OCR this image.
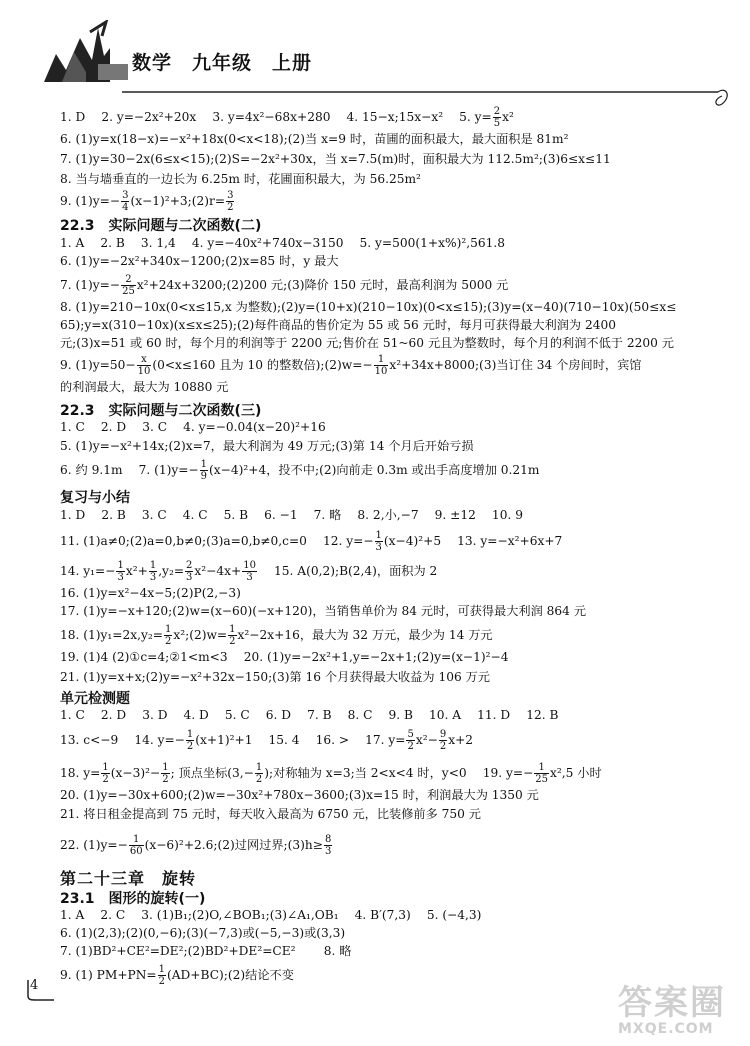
数学　九年级　上册
1. D　 2. y=−2x²+20x　 3. y=4x²−68x+280　 4. 15−x;15x−x²　 5. $y= \frac{2}{5} x^2$
6. (1)y=x(18−x)=−x²+18x(0<x<18);(2)当 x=9 时，苗圃的面积最大，最大面积是 81m²
7. (1)y=30−2x(6≤x<15);(2)S=−2x²+30x，当 x=7.5(m)时，面积最大为 112.5m²;(3)6≤x≤11
8. 当与墙垂直的一边长为 6.25m 时，花圃面积最大，为 56.25m²
9. $(1)y=- \frac{3}{4}$ (x−1)²+3;(2)r= $\frac{3}{2}$
22.3　实际问题与二次函数(二)
1. A　 2. B　 3. 1,4　 4. y=−40x²+740x−3150　 5. y=500(1+x%)²,561.8
6. (1)y=−2x²+340x−1200;(2)x=85 时，y 最大
7. $(1)y=- \frac{2}{25}$ x²+24x+3200;(2)200 元;(3)降价 150 元时，最高利润为 5000 元
8. (1)y=210−10x(0<x≤15,x 为整数);(2)y=(10+x)(210−10x)(0<x≤15);(3)y=(x−40)(710−10x)(50≤x≤
65);y=x(310−10x)(x≤x≤25);(2)每件商品的售价定为 55 或 56 元时，每月可获得最大利润为 2400
元;(3)x=51 或 60 时，每个月的利润等于 2200 元;售价在 51~60 元且为整数时，每个月的利润不低于 2200 元
9. $(1)y=50- \frac{x}{10} (0<x\le 160$ 且为 10 的整数倍);(2)w=− $\frac{1}{10}$ x²+34x+8000;(3)当订住 34 个房间时，宾馆
的利润最大，最大为 10880 元
22.3　实际问题与二次函数(三)
1. C　 2. D　 3. C　 4. y=−0.04(x−20)²+16
5. (1)y=−x²+14x;(2)x=7，最大利润为 49 万元;(3)第 14 个月后开始亏损
6. 约 9.1m　 7. $(1)y=- \frac{1}{9} (x-4)^2+4$，投不中;(2)向前走 0.3m 或出手高度增加 0.21m
复习与小结
1. D　 2. B　 3. C　 4. C　 5. B　 6. −1　 7. 略　 8. 2,小,−7　 9. ±12　 10. 9
11. (1)a≠0;(2)a=0,b≠0;(3)a=0,b≠0,c=0　 12. $y=- \frac{1}{3} (x-4)^2+5$　 13. y=−x²+6x+7
14. $y_1=- \frac{1}{3} x^2+ \frac{1}{3} ,y_2= \frac{2}{3} x^2-4x+ \frac{10}{3}$ 　 15. A(0,2);B(2,4)，面积为 2
16. (1)y=x²−4x−5;(2)P(2,−3)
17. (1)y=−x+120;(2)w=(x−60)(−x+120)，当销售单价为 84 元时，可获得最大利润 864 元
18. $(1)y_1=2x,y_2= \frac{1}{2}$ x²;(2)w= $\frac{1}{2} x^2-2x+16$，最大为 32 万元，最少为 14 万元
19. (1)4 (2)①c=4;②1<m<3　 20. (1)y=−2x²+1,y=−2x+1;(2)y=(x−1)²−4
21. (1)y=x+x;(2)y=−x²+32x−150;(3)第 16 个月获得最大收益为 106 万元
单元检测题
1. C　 2. D　 3. D　 4. D　 5. C　 6. D　 7. B　 8. C　 9. B　 10. A　 11. D　 12. B
13. c<−9　 14. $y=- \frac{1}{2} (x+1)^2+1$　 15. 4　 16. >　 17. $y= \frac{5}{2} x^2- \frac{9}{2} x+2$
18. $y= \frac{1}{2} (x-3)^2- \frac{1}{2}$ ; 顶点坐标($3,- \frac{1}{2}$ );对称轴为 x=3;当 2<x<4 时，y<0　 19. $y=- \frac{1}{25} x^2,5$ 小时
20. (1)y=−30x+600;(2)w=−30x²+780x−3600;(3)x=15 时，利润最大为 1350 元
21. 将日租金提高到 75 元时，每天收入最高为 6750 元，比装修前多 750 元
22. $(1)y=- \frac{1}{60}$ (x−6)²+2.6;(2)过网过界;(3)h≥ $\frac{8}{3}$
第二十三章　旋转
23.1　图形的旋转(一)
1. A　 2. C　 3. (1)B₁;(2)O,∠BOB₁;(3)∠A₁,OB₁　 4. B′(7,3)　 5. (−4,3)
6. (1)(2,3);(2)(0,−6);(3)(−7,3)或(−5,−3)或(3,3)
7. (1)BD²+CE²=DE²;(2)BD²+DE²=CE²　　 8. 略
9. (1) $PM+PN= \frac{1}{2}$ (AD+BC);(2)结论不变
4	答案圈
MXQE.COM
